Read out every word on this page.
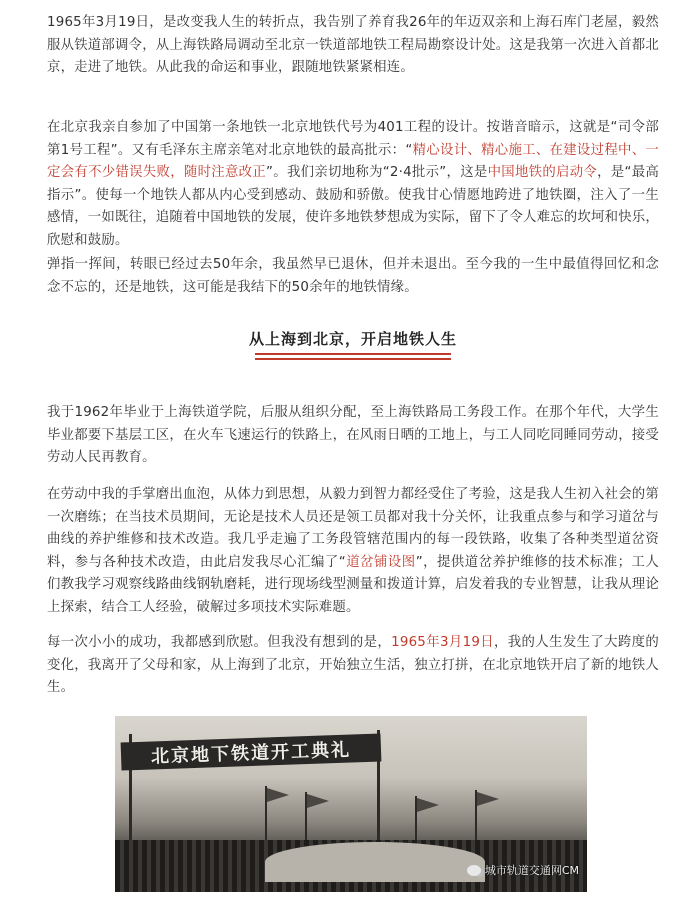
1965年3月19日，是改变我人生的转折点，我告别了养育我26年的年迈双亲和上海石库门老屋，毅然服从铁道部调令，从上海铁路局调动至北京一铁道部地铁工程局勘察设计处。这是我第一次进入首都北京，走进了地铁。从此我的命运和事业，跟随地铁紧紧相连。

在北京我亲自参加了中国第一条地铁一北京地铁代号为401工程的设计。按谐音暗示，这就是“司令部第1号工程”。又有毛泽东主席亲笔对北京地铁的最高批示：“精心设计、精心施工、在建设过程中、一定会有不少错误失败，随时注意改正”。我们亲切地称为“2·4批示”，这是中国地铁的启动令，是“最高指示”。使每一个地铁人都从内心受到感动、鼓励和骄傲。使我甘心情愿地跨进了地铁圈，注入了一生感情，一如既往，追随着中国地铁的发展，使许多地铁梦想成为实际，留下了令人难忘的坎坷和快乐，欣慰和鼓励。

弹指一挥间，转眼已经过去50年余，我虽然早已退休，但并未退出。至今我的一生中最值得回忆和念念不忘的，还是地铁，这可能是我结下的50余年的地铁情缘。

从上海到北京，开启地铁人生

我于1962年毕业于上海铁道学院，后服从组织分配，至上海铁路局工务段工作。在那个年代，大学生毕业都要下基层工区，在火车飞速运行的铁路上，在风雨日晒的工地上，与工人同吃同睡同劳动，接受劳动人民再教育。

在劳动中我的手掌磨出血泡，从体力到思想，从毅力到智力都经受住了考验，这是我人生初入社会的第一次磨练；在当技术员期间，无论是技术人员还是领工员都对我十分关怀，让我重点参与和学习道岔与曲线的养护维修和技术改造。我几乎走遍了工务段管辖范围内的每一段铁路，收集了各种类型道岔资料，参与各种技术改造，由此启发我尽心汇编了“道岔铺设图”，提供道岔养护维修的技术标准；工人们教我学习观察线路曲线钢轨磨耗，进行现场线型测量和拨道计算，启发着我的专业智慧，让我从理论上探索，结合工人经验，破解过多项技术实际难题。

每一次小小的成功，我都感到欣慰。但我没有想到的是，1965年3月19日，我的人生发生了大跨度的变化，我离开了父母和家，从上海到了北京，开始独立生活，独立打拼，在北京地铁开启了新的地铁人生。

北京地下铁道开工典礼
城市轨道交通网CM
